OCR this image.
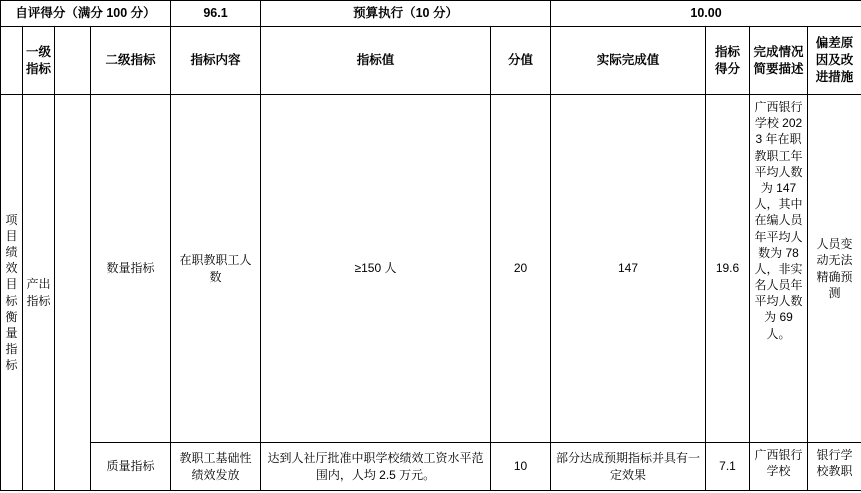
自评得分（满分 100 分）				96.1	预算执行（10 分）		10.00			
	一级指标		二级指标	指标内容	指标值	分值	实际完成值	指标得分	完成情况简要描述	偏差原因及改进措施
项目绩效目标衡量指标	产出指标		数量指标	在职教职工人数	≥150 人	20	147	19.6	广西银行学校 2023 年在职教职工年平均人数为 147 人，其中在编人员年平均人数为 78 人，非实名人员年平均人数为 69 人。	人员变动无法精确预测
			质量指标	教职工基础性绩效发放	达到人社厅批准中职学校绩效工资水平范围内，人均 2.5 万元。	10	部分达成预期指标并具有一定效果	7.1	广西银行学校	银行学校教职
